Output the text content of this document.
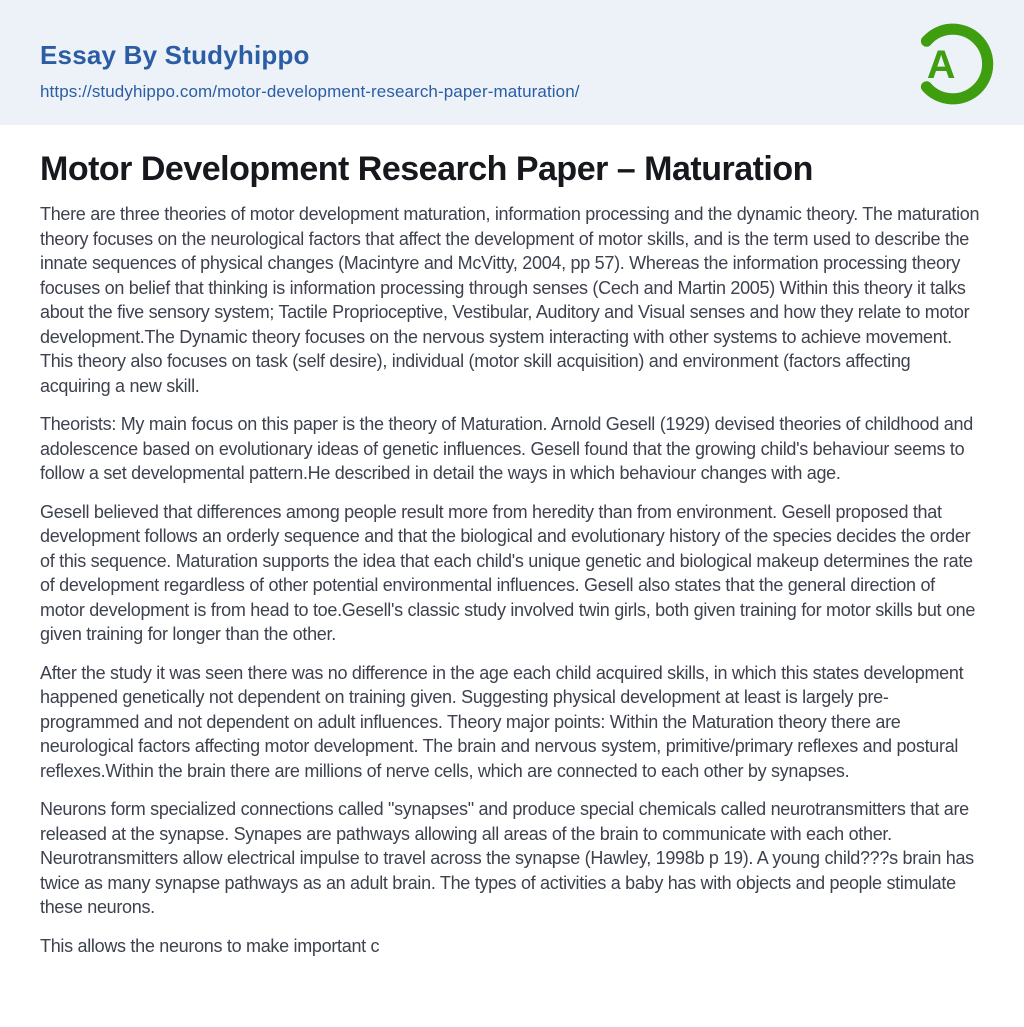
Essay By Studyhippo
https://studyhippo.com/motor-development-research-paper-maturation/
A
Motor Development Research Paper – Maturation

There are three theories of motor development maturation, information processing and the dynamic theory. The maturation theory focuses on the neurological factors that affect the development of motor skills, and is the term used to describe the innate sequences of physical changes (Macintyre and McVitty, 2004, pp 57). Whereas the information processing theory focuses on belief that thinking is information processing through senses (Cech and Martin 2005) Within this theory it talks about the five sensory system; Tactile Proprioceptive, Vestibular, Auditory and Visual senses and how they relate to motor development.The Dynamic theory focuses on the nervous system interacting with other systems to achieve movement. This theory also focuses on task (self desire), individual (motor skill acquisition) and environment (factors affecting acquiring a new skill.

Theorists: My main focus on this paper is the theory of Maturation. Arnold Gesell (1929) devised theories of childhood and adolescence based on evolutionary ideas of genetic influences. Gesell found that the growing child's behaviour seems to follow a set developmental pattern.He described in detail the ways in which behaviour changes with age.

Gesell believed that differences among people result more from heredity than from environment. Gesell proposed that development follows an orderly sequence and that the biological and evolutionary history of the species decides the order of this sequence. Maturation supports the idea that each child's unique genetic and biological makeup determines the rate of development regardless of other potential environmental influences. Gesell also states that the general direction of motor development is from head to toe.Gesell's classic study involved twin girls, both given training for motor skills but one given training for longer than the other.

After the study it was seen there was no difference in the age each child acquired skills, in which this states development happened genetically not dependent on training given. Suggesting physical development at least is largely pre-programmed and not dependent on adult influences. Theory major points: Within the Maturation theory there are neurological factors affecting motor development. The brain and nervous system, primitive/primary reflexes and postural reflexes.Within the brain there are millions of nerve cells, which are connected to each other by synapses.

Neurons form specialized connections called "synapses" and produce special chemicals called neurotransmitters that are released at the synapse. Synapes are pathways allowing all areas of the brain to communicate with each other. Neurotransmitters allow electrical impulse to travel across the synapse (Hawley, 1998b p 19). A young child???s brain has twice as many synapse pathways as an adult brain. The types of activities a baby has with objects and people stimulate these neurons.

This allows the neurons to make important c
